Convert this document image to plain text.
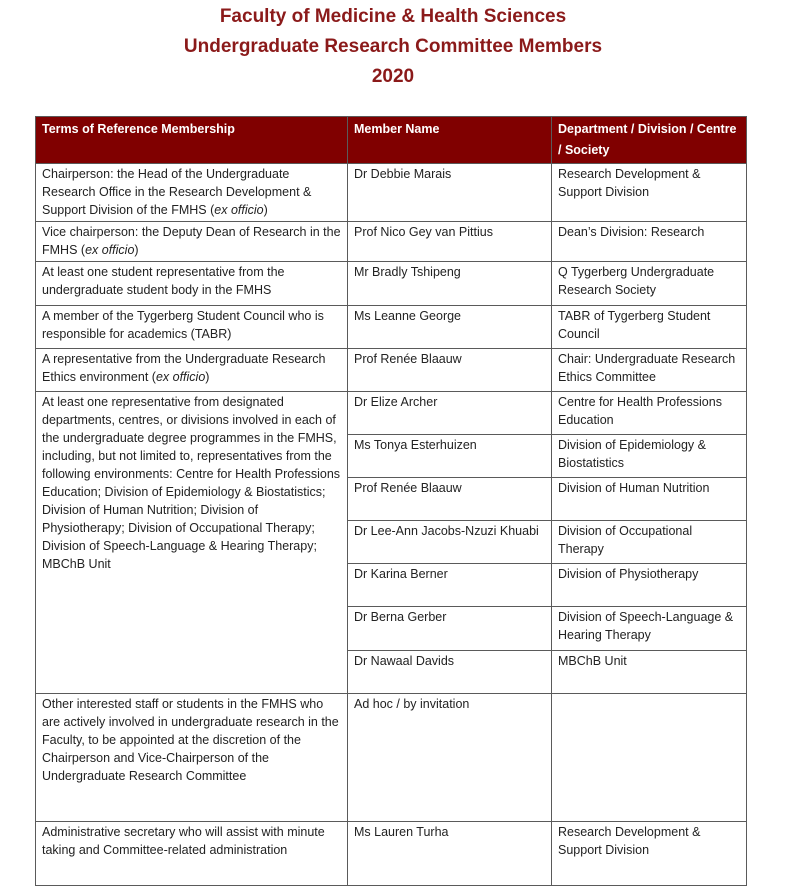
Faculty of Medicine & Health Sciences

Undergraduate Research Committee Members

2020

Terms of Reference Membership	Member Name	Department / Division / Centre / Society
Chairperson: the Head of the Undergraduate Research Office in the Research Development & Support Division of the FMHS (ex officio)	Dr Debbie Marais	Research Development & Support Division
Vice chairperson: the Deputy Dean of Research in the FMHS (ex officio)	Prof Nico Gey van Pittius	Dean’s Division: Research
At least one student representative from the undergraduate student body in the FMHS	Mr Bradly Tshipeng	Q Tygerberg Undergraduate Research Society
A member of the Tygerberg Student Council who is responsible for academics (TABR)	Ms Leanne George	TABR of Tygerberg Student Council
A representative from the Undergraduate Research Ethics environment (ex officio)	Prof Renée Blaauw	Chair: Undergraduate Research Ethics Committee
At least one representative from designated departments, centres, or divisions involved in each of the undergraduate degree programmes in the FMHS, including, but not limited to, representatives from the following environments: Centre for Health Professions Education; Division of Epidemiology & Biostatistics; Division of Human Nutrition; Division of Physiotherapy; Division of Occupational Therapy; Division of Speech-Language & Hearing Therapy; MBChB Unit	Dr Elize Archer	Centre for Health Professions Education
	Ms Tonya Esterhuizen	Division of Epidemiology & Biostatistics
	Prof Renée Blaauw	Division of Human Nutrition
	Dr Lee-Ann Jacobs-Nzuzi Khuabi	Division of Occupational Therapy
	Dr Karina Berner	Division of Physiotherapy
	Dr Berna Gerber	Division of Speech-Language & Hearing Therapy
	Dr Nawaal Davids	MBChB Unit
Other interested staff or students in the FMHS who are actively involved in undergraduate research in the Faculty, to be appointed at the discretion of the Chairperson and Vice-Chairperson of the Undergraduate Research Committee	Ad hoc / by invitation	
Administrative secretary who will assist with minute taking and Committee-related administration	Ms Lauren Turha	Research Development & Support Division
